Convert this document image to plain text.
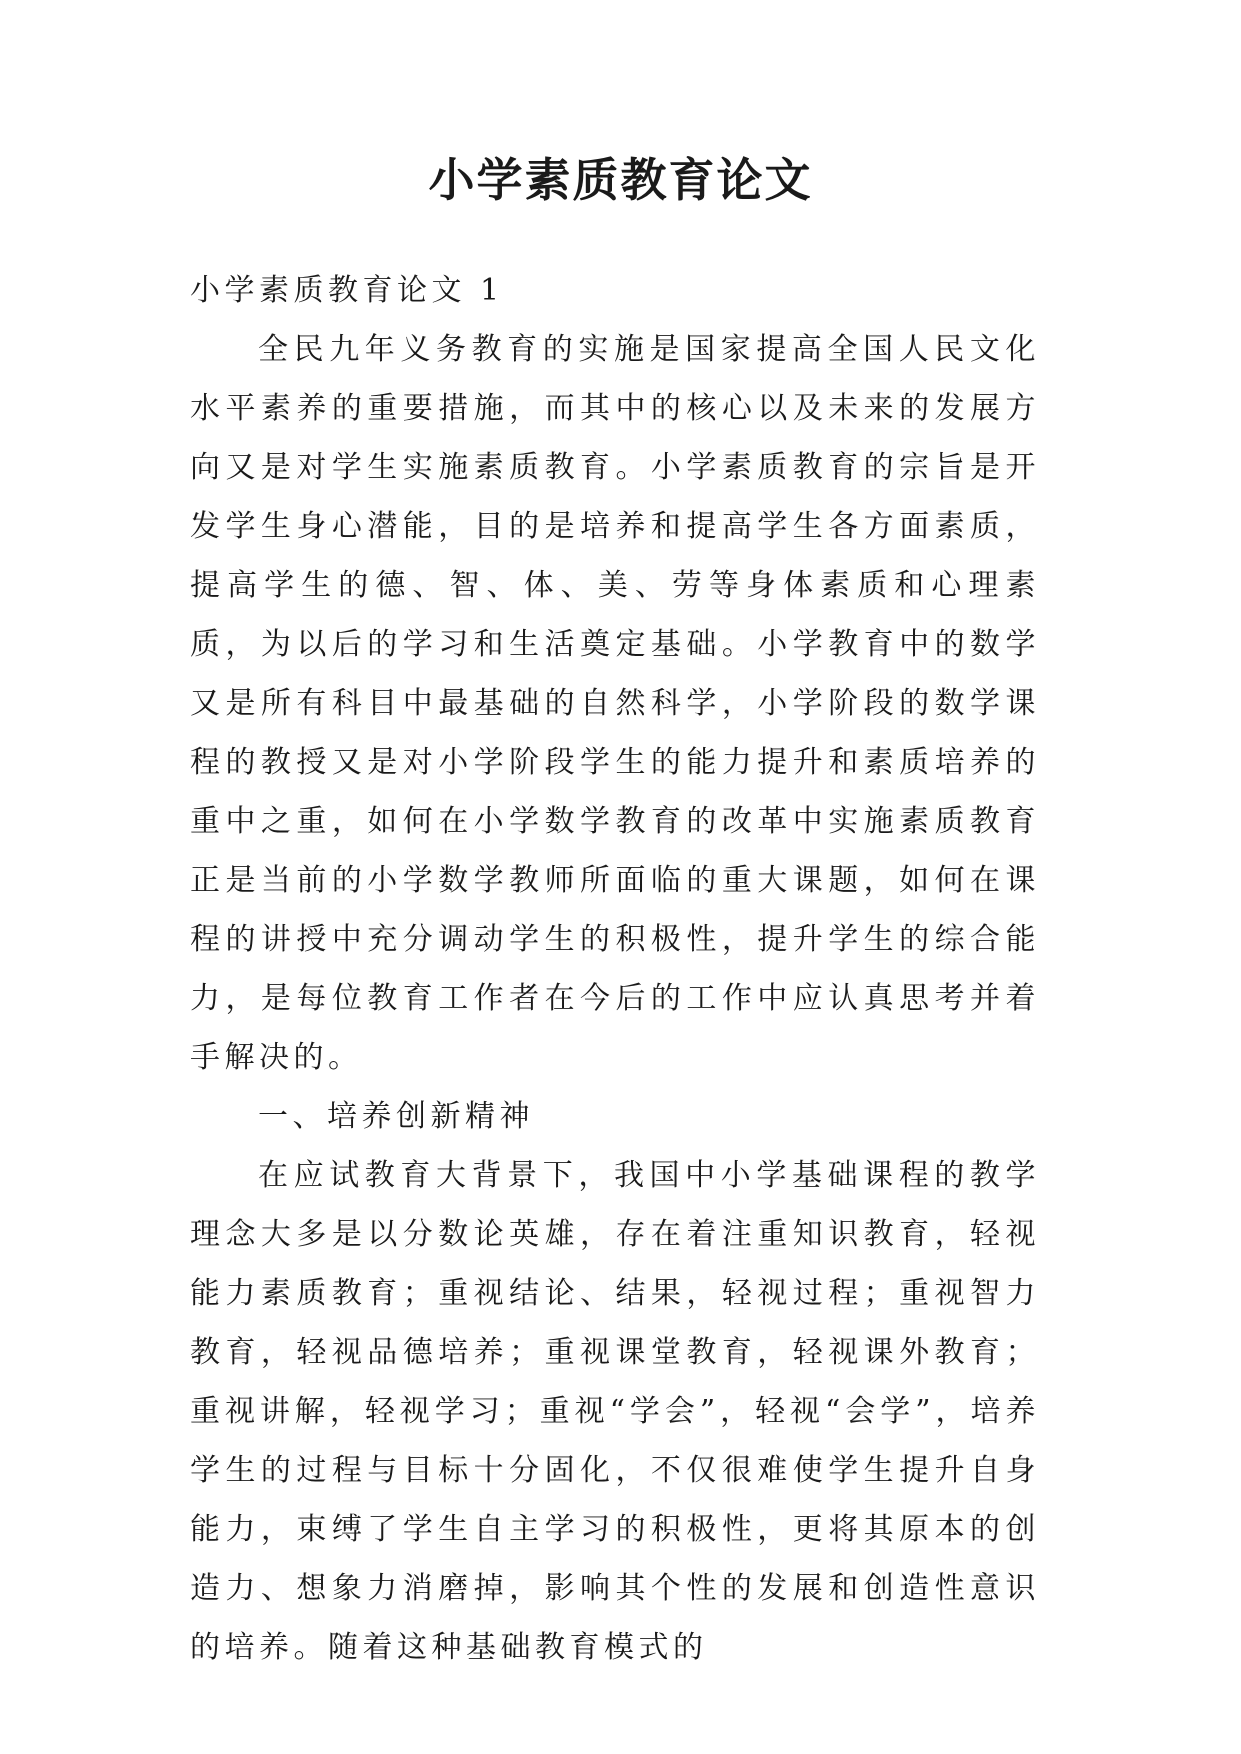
小学素质教育论文

小学素质教育论文 1

全民九年义务教育的实施是国家提高全国人民文化水平素养的重要措施，而其中的核心以及未来的发展方向又是对学生实施素质教育。小学素质教育的宗旨是开发学生身心潜能，目的是培养和提高学生各方面素质，提高学生的德、智、体、美、劳等身体素质和心理素质，为以后的学习和生活奠定基础。小学教育中的数学又是所有科目中最基础的自然科学，小学阶段的数学课程的教授又是对小学阶段学生的能力提升和素质培养的重中之重，如何在小学数学教育的改革中实施素质教育正是当前的小学数学教师所面临的重大课题，如何在课程的讲授中充分调动学生的积极性，提升学生的综合能力，是每位教育工作者在今后的工作中应认真思考并着手解决的。

一、培养创新精神

在应试教育大背景下，我国中小学基础课程的教学理念大多是以分数论英雄，存在着注重知识教育，轻视能力素质教育；重视结论、结果，轻视过程；重视智力教育，轻视品德培养；重视课堂教育，轻视课外教育；重视讲解，轻视学习；重视“学会”，轻视“会学”，培养学生的过程与目标十分固化，不仅很难使学生提升自身能力，束缚了学生自主学习的积极性，更将其原本的创造力、想象力消磨掉，影响其个性的发展和创造性意识的培养。随着这种基础教育模式的
